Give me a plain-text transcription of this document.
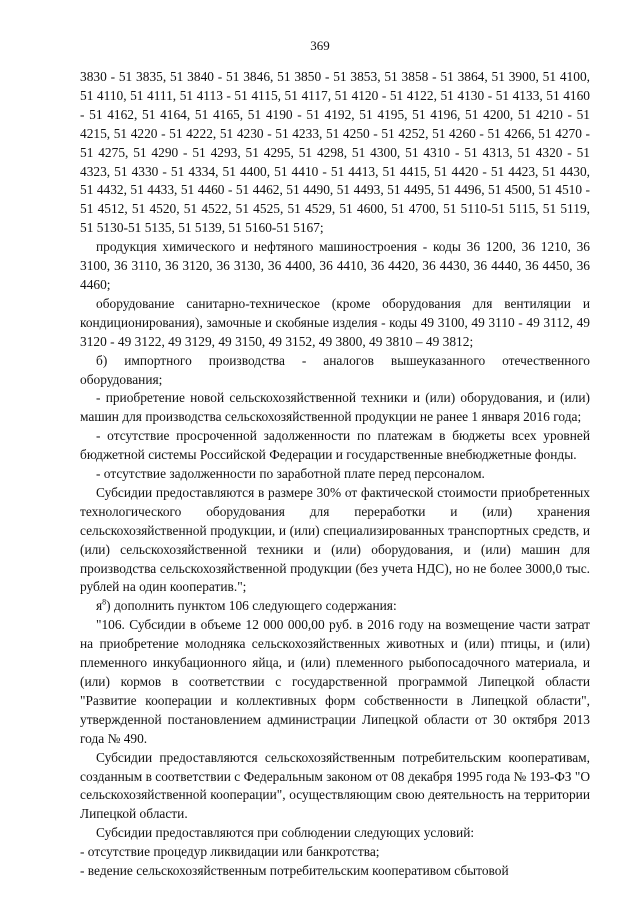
369

3830 - 51 3835, 51 3840 - 51 3846, 51 3850 - 51 3853, 51 3858 - 51 3864, 51 3900, 51 4100, 51 4110, 51 4111, 51 4113 - 51 4115, 51 4117, 51 4120 - 51 4122, 51 4130 - 51 4133, 51 4160 - 51 4162, 51 4164, 51 4165, 51 4190 - 51 4192, 51 4195, 51 4196, 51 4200, 51 4210 - 51 4215, 51 4220 - 51 4222, 51 4230 - 51 4233, 51 4250 - 51 4252, 51 4260 - 51 4266, 51 4270 - 51 4275, 51 4290 - 51 4293, 51 4295, 51 4298, 51 4300, 51 4310 - 51 4313, 51 4320 - 51 4323, 51 4330 - 51 4334, 51 4400, 51 4410 - 51 4413, 51 4415, 51 4420 - 51 4423, 51 4430, 51 4432, 51 4433, 51 4460 - 51 4462, 51 4490, 51 4493, 51 4495, 51 4496, 51 4500, 51 4510 - 51 4512, 51 4520, 51 4522, 51 4525, 51 4529, 51 4600, 51 4700, 51 5110-51 5115, 51 5119, 51 5130-51 5135, 51 5139, 51 5160-51 5167;

продукция химического и нефтяного машиностроения - коды 36 1200, 36 1210, 36 3100, 36 3110, 36 3120, 36 3130, 36 4400, 36 4410, 36 4420, 36 4430, 36 4440, 36 4450, 36 4460;

оборудование санитарно-техническое (кроме оборудования для вентиляции и кондиционирования), замочные и скобяные изделия - коды 49 3100, 49 3110 - 49 3112, 49 3120 - 49 3122, 49 3129, 49 3150, 49 3152, 49 3800, 49 3810 – 49 3812;

б) импортного производства - аналогов вышеуказанного отечественного оборудования;

- приобретение новой сельскохозяйственной техники и (или) оборудования, и (или) машин для производства сельскохозяйственной продукции не ранее 1 января 2016 года;

- отсутствие просроченной задолженности по платежам в бюджеты всех уровней бюджетной системы Российской Федерации и государственные внебюджетные фонды.

- отсутствие задолженности по заработной плате перед персоналом.

Субсидии предоставляются в размере 30% от фактической стоимости приобретенных технологического оборудования для переработки и (или) хранения сельскохозяйственной продукции, и (или) специализированных транспортных средств, и (или) сельскохозяйственной техники и (или) оборудования, и (или) машин для производства сельскохозяйственной продукции (без учета НДС), но не более 3000,0 тыс. рублей на один кооператив.";

$я^8$) дополнить пунктом 106 следующего содержания:

"106. Субсидии в объеме 12 000 000,00 руб. в 2016 году на возмещение части затрат на приобретение молодняка сельскохозяйственных животных и (или) птицы, и (или) племенного инкубационного яйца, и (или) племенного рыбопосадочного материала, и (или) кормов в соответствии с государственной программой Липецкой области "Развитие кооперации и коллективных форм собственности в Липецкой области", утвержденной постановлением администрации Липецкой области от 30 октября 2013 года № 490.

Субсидии предоставляются сельскохозяйственным потребительским кооперативам, созданным в соответствии с Федеральным законом от 08 декабря 1995 года № 193-ФЗ "О сельскохозяйственной кооперации", осуществляющим свою деятельность на территории Липецкой области.

Субсидии предоставляются при соблюдении следующих условий:

- отсутствие процедур ликвидации или банкротства;

- ведение сельскохозяйственным потребительским кооперативом сбытовой
